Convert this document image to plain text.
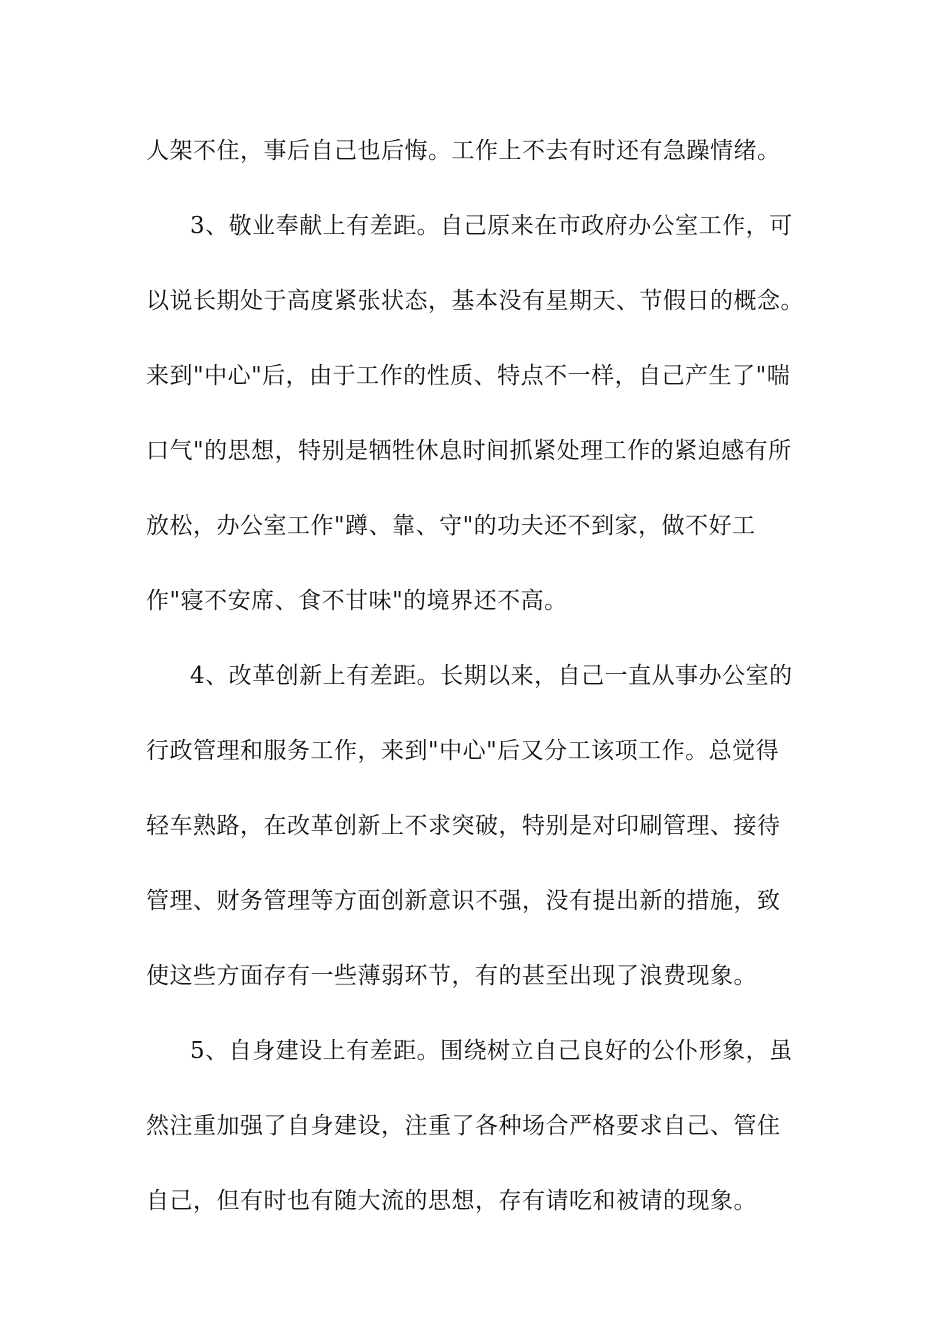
人架不住，事后自己也后悔。工作上不去有时还有急躁情绪。
3、敬业奉献上有差距。自己原来在市政府办公室工作，可
以说长期处于高度紧张状态，基本没有星期天、节假日的概念。
来到"中心"后，由于工作的性质、特点不一样，自己产生了"喘
口气"的思想，特别是牺牲休息时间抓紧处理工作的紧迫感有所
放松，办公室工作"蹲、靠、守"的功夫还不到家，做不好工
作"寝不安席、食不甘味"的境界还不高。
4、改革创新上有差距。长期以来，自己一直从事办公室的
行政管理和服务工作，来到"中心"后又分工该项工作。总觉得
轻车熟路，在改革创新上不求突破，特别是对印刷管理、接待
管理、财务管理等方面创新意识不强，没有提出新的措施，致
使这些方面存有一些薄弱环节，有的甚至出现了浪费现象。
5、自身建设上有差距。围绕树立自己良好的公仆形象，虽
然注重加强了自身建设，注重了各种场合严格要求自己、管住
自己，但有时也有随大流的思想，存有请吃和被请的现象。
